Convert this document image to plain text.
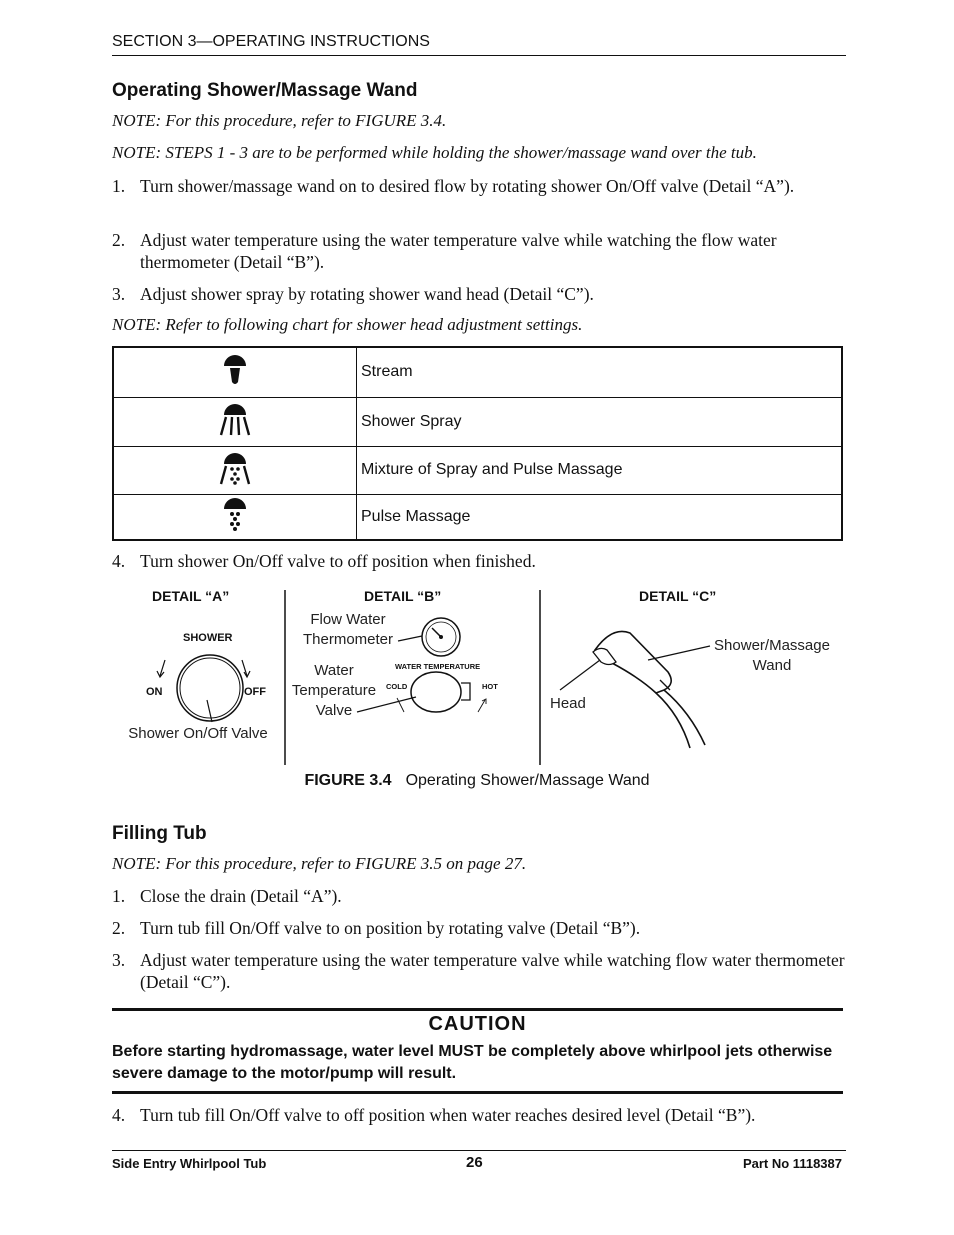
SECTION 3—OPERATING INSTRUCTIONS
Operating Shower/Massage Wand
NOTE: For this procedure, refer to FIGURE 3.4.
NOTE: STEPS 1 - 3 are to be performed while holding the shower/massage wand over the tub.
1. Turn shower/massage wand on to desired flow by rotating shower On/Off valve (Detail “A”).
2. Adjust water temperature using the water temperature valve while watching the flow water thermometer (Detail “B”).
3. Adjust shower spray by rotating shower wand head (Detail “C”).
NOTE: Refer to following chart for shower head adjustment settings.
	Stream
	Shower Spray
	Mixture of Spray and Pulse Massage
	Pulse Massage
4. Turn shower On/Off valve to off position when finished.
DETAIL “A”
SHOWER
ON	OFF
Shower On/Off Valve
DETAIL “B”
Flow Water
Thermometer
WATER TEMPERATURE
Water
Temperature
Valve
COLD	HOT
DETAIL “C”
Shower/Massage
Wand
Head
FIGURE 3.4 Operating Shower/Massage Wand
Filling Tub
NOTE: For this procedure, refer to FIGURE 3.5 on page 27.
1. Close the drain (Detail “A”).
2. Turn tub fill On/Off valve to on position by rotating valve (Detail “B”).
3. Adjust water temperature using the water temperature valve while watching flow water thermometer (Detail “C”).
CAUTION
Before starting hydromassage, water level MUST be completely above whirlpool jets otherwise severe damage to the motor/pump will result.
4. Turn tub fill On/Off valve to off position when water reaches desired level (Detail “B”).
Side Entry Whirlpool Tub	26	Part No 1118387
